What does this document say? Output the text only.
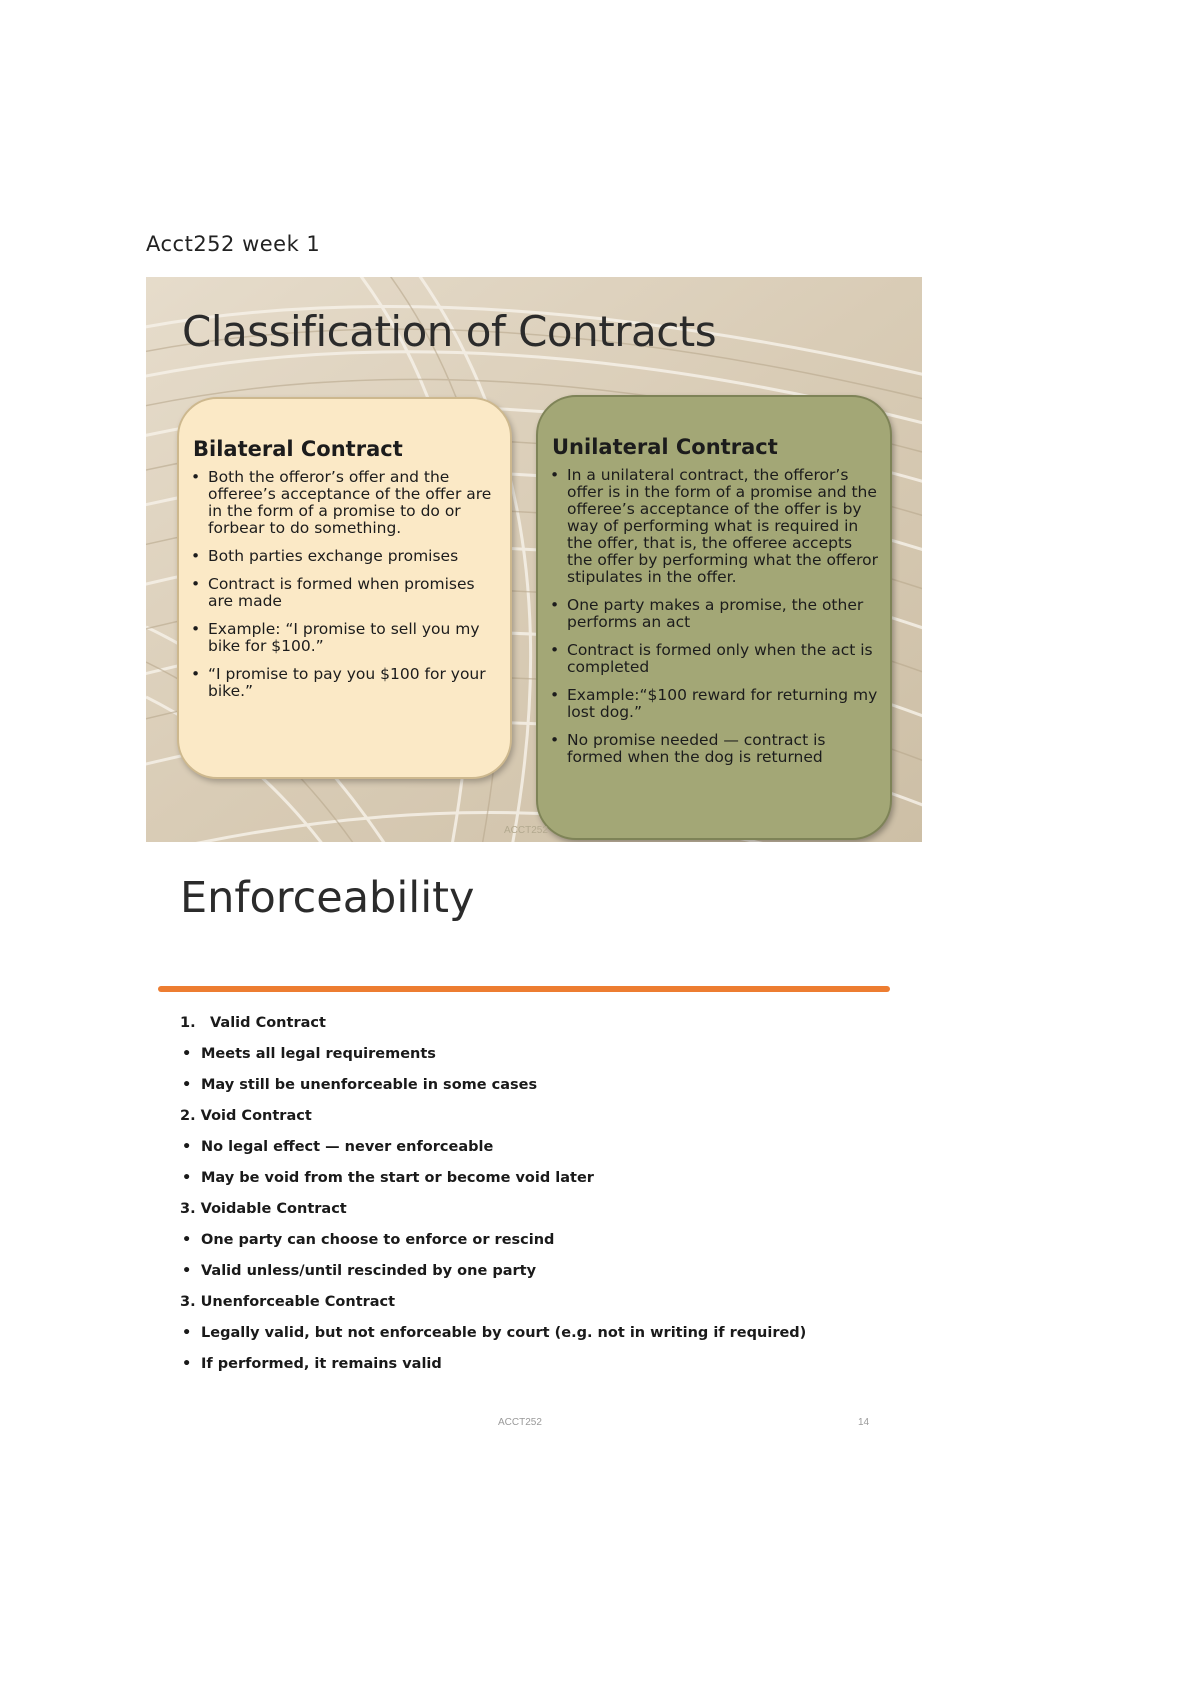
Acct252 week 1
Classification of Contracts
Bilateral Contract
• Both the offeror’s offer and the offeree’s acceptance of the offer are in the form of a promise to do or forbear to do something.
• Both parties exchange promises
• Contract is formed when promises are made
• Example: “I promise to sell you my bike for $100.”
• “I promise to pay you $100 for your bike.”
Unilateral Contract
• In a unilateral contract, the offeror’s offer is in the form of a promise and the offeree’s acceptance of the offer is by way of performing what is required in the offer, that is, the offeree accepts the offer by performing what the offeror stipulates in the offer.
• One party makes a promise, the other performs an act
• Contract is formed only when the act is completed
• Example:“$100 reward for returning my lost dog.”
• No promise needed — contract is formed when the dog is returned
ACCT252
Enforceability
1. Valid Contract
• Meets all legal requirements
• May still be unenforceable in some cases
2. Void Contract
• No legal effect — never enforceable
• May be void from the start or become void later
3. Voidable Contract
• One party can choose to enforce or rescind
• Valid unless/until rescinded by one party
3. Unenforceable Contract
• Legally valid, but not enforceable by court (e.g. not in writing if required)
• If performed, it remains valid
ACCT252	14
